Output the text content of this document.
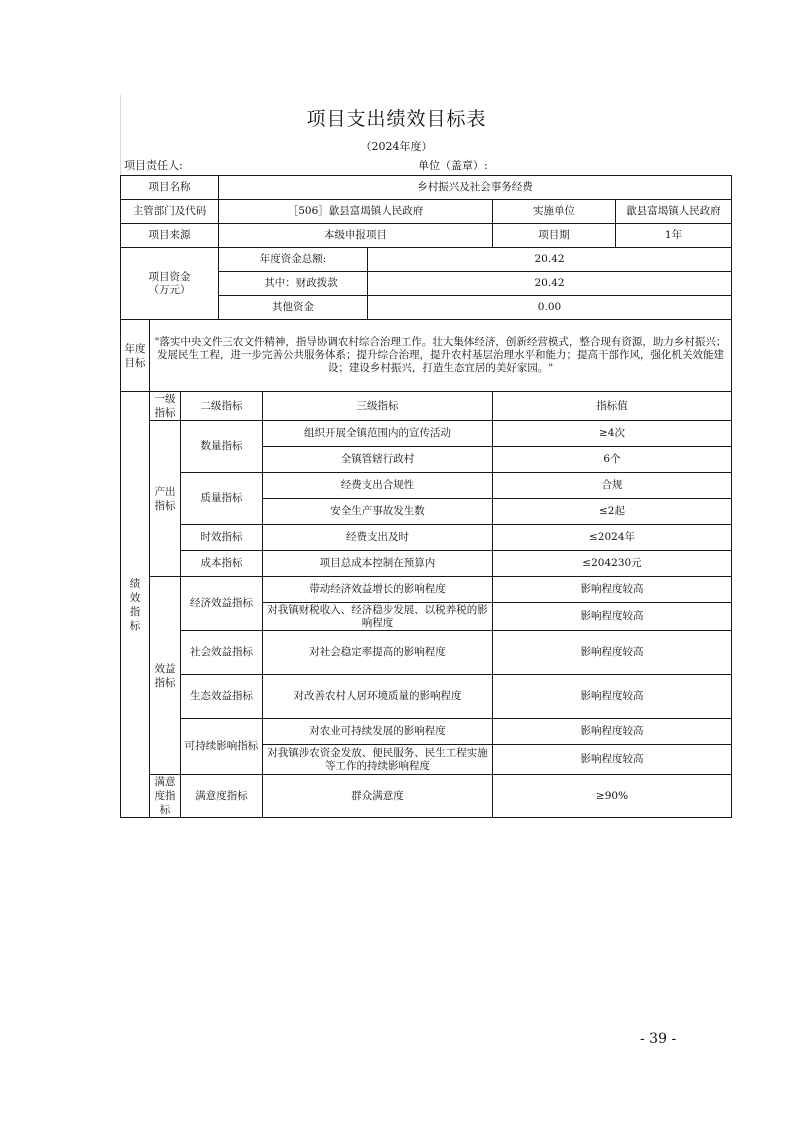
项目支出绩效目标表
（2024年度）
项目责任人:	单位（盖章）:
项目名称			乡村振兴及社会事务经费				
主管部门及代码			［506］歙县富堨镇人民政府			实施单位	歙县富堨镇人民政府
项目来源			本级申报项目			项目期	1年
项目资金
（万元）			年度资金总额:		20.42		
			其中：财政拨款		20.42		
			其他资金		0.00		
年度目标	"落实中央文件三农文件精神，指导协调农村综合治理工作。壮大集体经济，创新经营模式，整合现有资源，助力乡村振兴；发展民生工程，进一步完善公共服务体系；提升综合治理，提升农村基层治理水平和能力；提高干部作风，强化机关效能建设；建设乡村振兴，打造生态宜居的美好家园。"						
绩效指标	一级指标	二级指标		三级指标		指标值	
	产出指标	数量指标		组织开展全镇范围内的宣传活动		≥4次	
				全镇管辖行政村		6个	
		质量指标		经费支出合规性		合规	
				安全生产事故发生数		≤2起	
		时效指标		经费支出及时		≤2024年	
		成本指标		项目总成本控制在预算内		≤204230元	
	效益指标	经济效益指标		带动经济效益增长的影响程度		影响程度较高	
				对我镇财税收入、经济稳步发展、以税养税的影响程度		影响程度较高	
		社会效益指标		对社会稳定率提高的影响程度		影响程度较高	
		生态效益指标		对改善农村人居环境质量的影响程度		影响程度较高	
		可持续影响指标		对农业可持续发展的影响程度		影响程度较高	
				对我镇涉农资金发放、便民服务、民生工程实施等工作的持续影响程度		影响程度较高	
	满意度指标	满意度指标		群众满意度		≥90%	
- 39 -
